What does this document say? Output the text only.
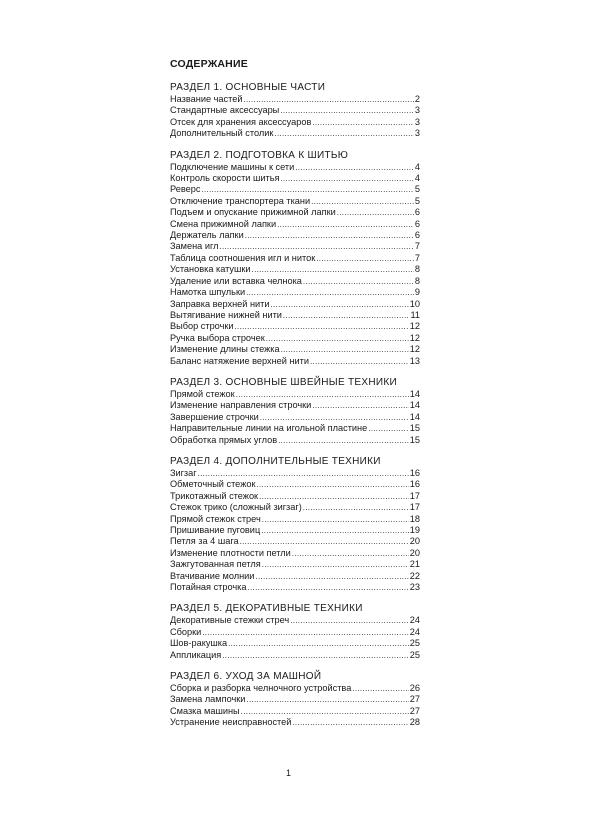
СОДЕРЖАНИЕ
РАЗДЕЛ 1. ОСНОВНЫЕ ЧАСТИ
Название частей .....	2
Стандартные аксессуары .....	3
Отсек для хранения аксессуаров .....	3
Дополнительный столик .....	3
РАЗДЕЛ 2. ПОДГОТОВКА К ШИТЬЮ
Подключение машины к сети .....	4
Контроль скорости шитья .....	4
Реверс .....	5
Отключение транспортера ткани .....	5
Подъем и опускание прижимной лапки .....	6
Смена прижимной лапки .....	6
Держатель лапки .....	6
Замена игл .....	7
Таблица соотношения игл и ниток .....	7
Установка катушки .....	8
Удаление или вставка челнока .....	8
Намотка шпульки .....	9
Заправка верхней нити .....	10
Вытягивание нижней нити .....	11
Выбор строчки .....	12
Ручка выбора строчек .....	12
Изменение длины стежка .....	12
Баланс натяжение верхней нити .....	13
РАЗДЕЛ 3. ОСНОВНЫЕ ШВЕЙНЫЕ ТЕХНИКИ
Прямой стежок .....	14
Изменение направления строчки .....	14
Завершение строчки .....	14
Направительные линии на игольной пластине .....	15
Обработка прямых углов .....	15
РАЗДЕЛ 4. ДОПОЛНИТЕЛЬНЫЕ ТЕХНИКИ
Зигзаг .....	16
Обметочный стежок .....	16
Трикотажный стежок .....	17
Стежок трико (сложный зигзаг) .....	17
Прямой стежок стреч .....	18
Пришивание пуговиц .....	19
Петля за 4 шага .....	20
Изменение плотности петли .....	20
Зажгутованная петля .....	21
Втачивание молнии .....	22
Потайная строчка .....	23
РАЗДЕЛ 5. ДЕКОРАТИВНЫЕ ТЕХНИКИ
Декоративные стежки стреч .....	24
Сборки .....	24
Шов-ракушка .....	25
Аппликация .....	25
РАЗДЕЛ 6. УХОД ЗА МАШНОЙ
Сборка и разборка челночного устройства .....	26
Замена лампочки .....	27
Смазка машины .....	27
Устранение неисправностей .....	28
1
